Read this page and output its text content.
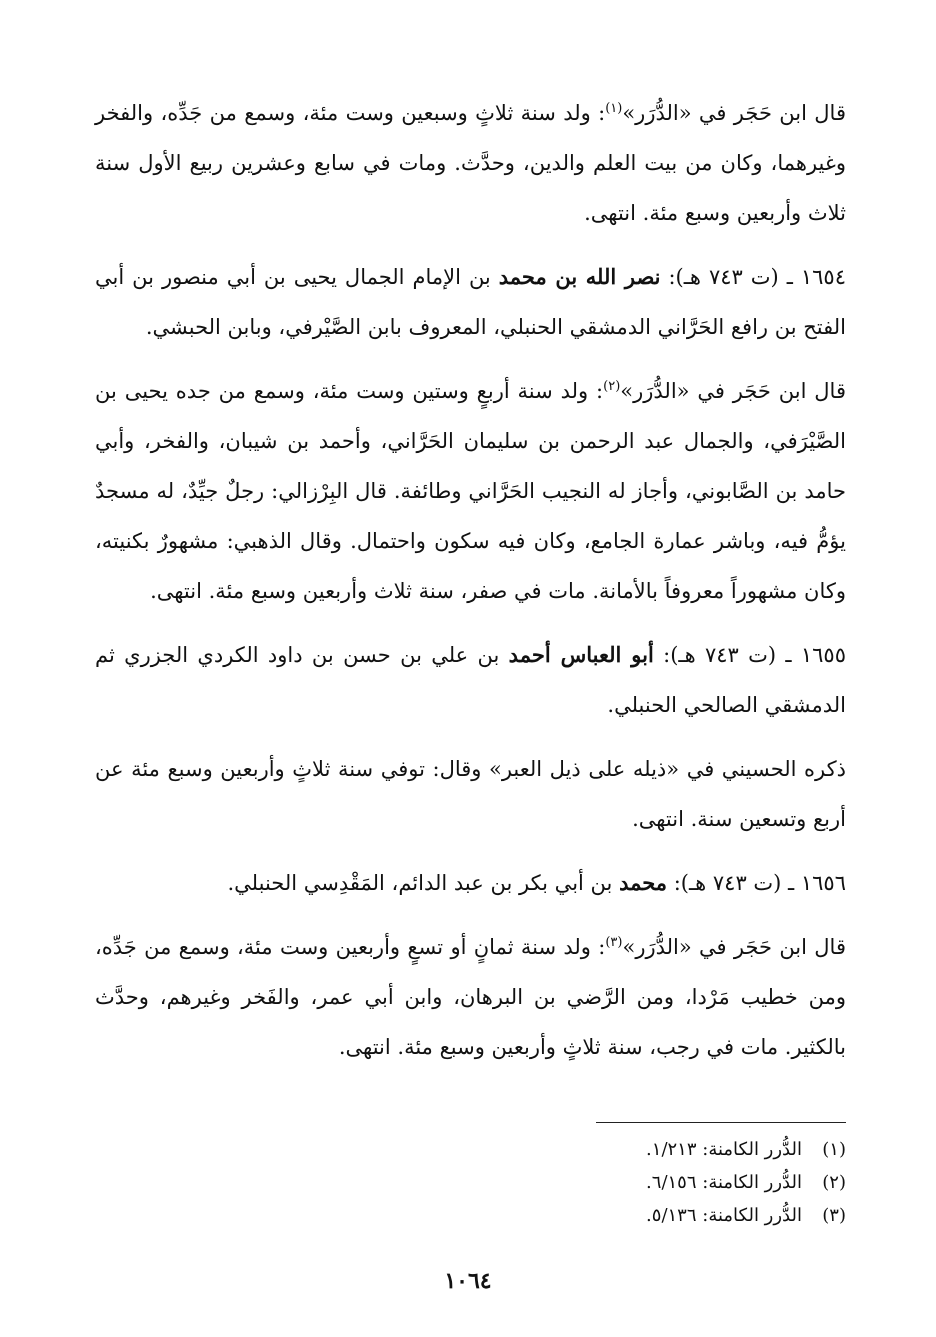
قال ابن حَجَر في «الدُّرَر»$^{(١)}$: ولد سنة ثلاثٍ وسبعين وست مئة، وسمع من جَدِّه، والفخر وغيرهما، وكان من بيت العلم والدين، وحدَّث. ومات في سابع وعشرين ربيع الأول سنة ثلاث وأربعين وسبع مئة. انتهى.

١٦٥٤ ـ (ت ٧٤٣ هـ): نصر الله بن محمد بن الإمام الجمال يحيى بن أبي منصور بن أبي الفتح بن رافع الحَرَّاني الدمشقي الحنبلي، المعروف بابن الصَّيْرفي، وبابن الحبشي.

قال ابن حَجَر في «الدُّرَر»$^{(٢)}$: ولد سنة أربعٍ وستين وست مئة، وسمع من جده يحيى بن الصَّيْرَفي، والجمال عبد الرحمن بن سليمان الحَرَّاني، وأحمد بن شيبان، والفخر، وأبي حامد بن الصَّابوني، وأجاز له النجيب الحَرَّاني وطائفة. قال البِرْزالي: رجلٌ جيِّدٌ، له مسجدٌ يؤمُّ فيه، وباشر عمارة الجامع، وكان فيه سكون واحتمال. وقال الذهبي: مشهورٌ بكنيته، وكان مشهوراً معروفاً بالأمانة. مات في صفر، سنة ثلاث وأربعين وسبع مئة. انتهى.

١٦٥٥ ـ (ت ٧٤٣ هـ): أبو العباس أحمد بن علي بن حسن بن داود الكردي الجزري ثم الدمشقي الصالحي الحنبلي.

ذكره الحسيني في «ذيله على ذيل العبر» وقال: توفي سنة ثلاثٍ وأربعين وسبع مئة عن أربع وتسعين سنة. انتهى.

١٦٥٦ ـ (ت ٧٤٣ هـ): محمد بن أبي بكر بن عبد الدائم، المَقْدِسي الحنبلي.

قال ابن حَجَر في «الدُّرَر»$^{(٣)}$: ولد سنة ثمانٍ أو تسعٍ وأربعين وست مئة، وسمع من جَدِّه، ومن خطيب مَرْدا، ومن الرَّضي بن البرهان، وابن أبي عمر، والفَخر وغيرهم، وحدَّث بالكثير. مات في رجب، سنة ثلاثٍ وأربعين وسبع مئة. انتهى.

(١)
الدُّرر الكامنة: ١/٢١٣.
(٢)
الدُّرر الكامنة: ٦/١٥٦.
(٣)
الدُّرر الكامنة: ٥/١٣٦.
١٠٦٤
